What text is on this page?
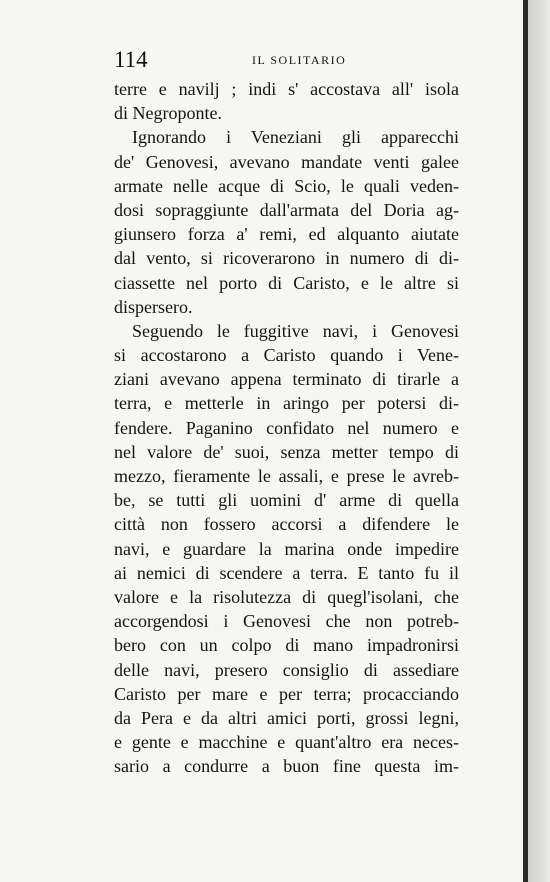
114	IL SOLITARIO
terre e navilj ; indi s' accostava all' isola
di Negroponte.
Ignorando i Veneziani gli apparecchi
de' Genovesi, avevano mandate venti galee
armate nelle acque di Scio, le quali veden-
dosi sopraggiunte dall'armata del Doria ag-
giunsero forza a' remi, ed alquanto aiutate
dal vento, si ricoverarono in numero di di-
ciassette nel porto di Caristo, e le altre si
dispersero.
Seguendo le fuggitive navi, i Genovesi
si accostarono a Caristo quando i Vene-
ziani avevano appena terminato di tirarle a
terra, e metterle in aringo per potersi di-
fendere. Paganino confidato nel numero e
nel valore de' suoi, senza metter tempo di
mezzo, fieramente le assali, e prese le avreb-
be, se tutti gli uomini d' arme di quella
città non fossero accorsi a difendere le
navi, e guardare la marina onde impedire
ai nemici di scendere a terra. E tanto fu il
valore e la risolutezza di quegl'isolani, che
accorgendosi i Genovesi che non potreb-
bero con un colpo di mano impadronirsi
delle navi, presero consiglio di assediare
Caristo per mare e per terra; procacciando
da Pera e da altri amici porti, grossi legni,
e gente e macchine e quant'altro era neces-
sario a condurre a buon fine questa im-
